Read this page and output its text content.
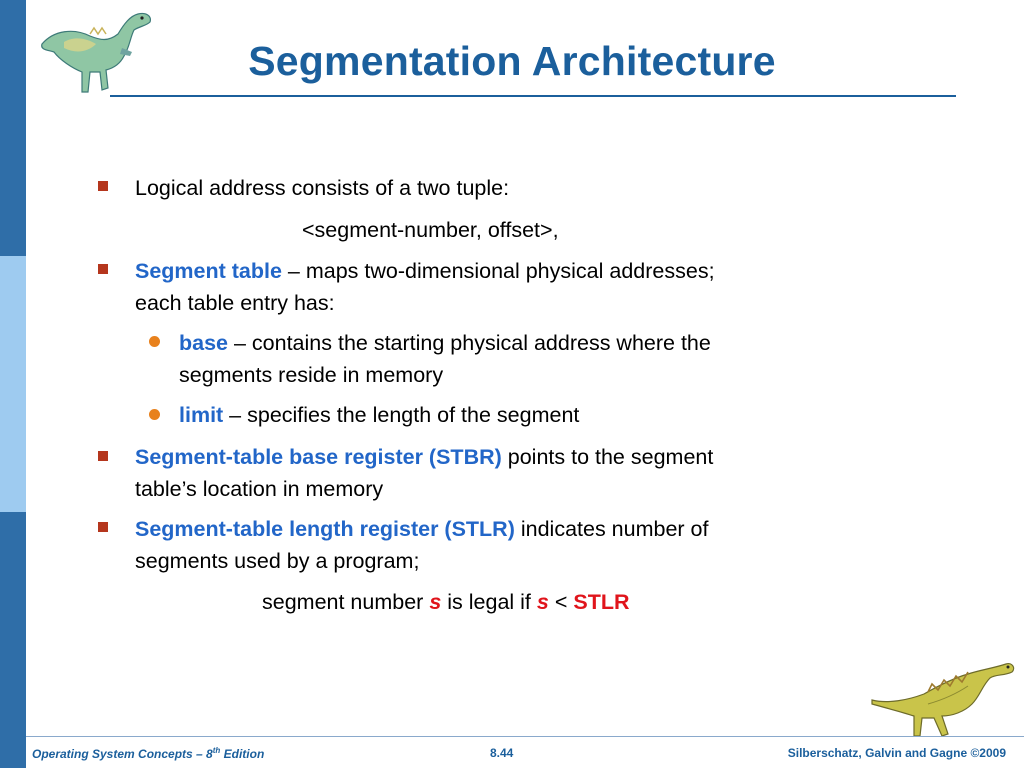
Segmentation Architecture
Logical address consists of a two tuple:
<segment-number, offset>,
Segment table – maps two-dimensional physical addresses;
each table entry has:
base – contains the starting physical address where the
segments reside in memory
limit – specifies the length of the segment
Segment-table base register (STBR) points to the segment
table’s location in memory
Segment-table length register (STLR) indicates number of
segments used by a program;
segment number s is legal if s < STLR
Operating System Concepts – 8th Edition	8.44	Silberschatz, Galvin and Gagne ©2009
